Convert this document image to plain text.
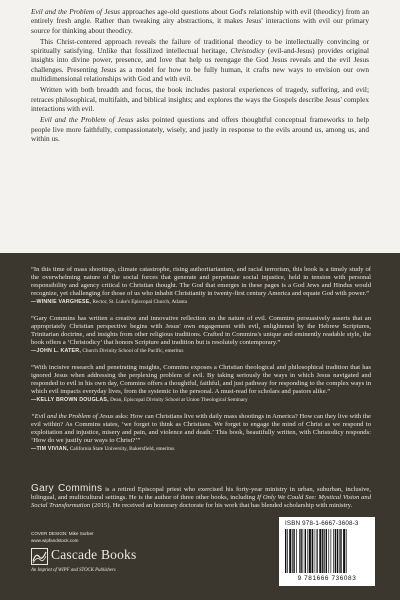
Evil and the Problem of Jesus approaches age-old questions about God's relationship with evil (theodicy) from an entirely fresh angle. Rather than tweaking airy abstractions, it makes Jesus' interactions with evil our primary source for thinking about theodicy.

This Christ-centered approach reveals the failure of traditional theodicy to be intellectually convincing or spiritually satisfying. Unlike that fossilized intellectual heritage, Christodicy (evil-and-Jesus) provides original insights into divine power, presence, and love that help us reengage the God Jesus reveals and the evil Jesus challenges. Presenting Jesus as a model for how to be fully human, it crafts new ways to envision our own multidimensional relationships with God and with evil.

Written with both breadth and focus, the book includes pastoral experiences of tragedy, suffering, and evil; retraces philosophical, multifaith, and biblical insights; and explores the ways the Gospels describe Jesus' complex interactions with evil.

Evil and the Problem of Jesus asks pointed questions and offers thoughtful conceptual frameworks to help people live more faithfully, compassionately, wisely, and justly in response to the evils around us, among us, and within us.

“In this time of mass shootings, climate catastrophe, rising authoritarianism, and racial terrorism, this book is a timely study of the overwhelming nature of the social forces that generate and perpetuate social injustice, held in tension with personal responsibility and agency critical to Christian thought. The God that emerges in these pages is a God Jews and Hindus would recognize, yet challenging for those of us who inhabit Christianity in twenty-first century America and equate God with power.”

—WINNIE VARGHESE, Rector, St. Luke's Episcopal Church, Atlanta

“Gary Commins has written a creative and innovative reflection on the nature of evil. Commins persuasively asserts that an appropriately Christian perspective begins with Jesus' own engagement with evil, enlightened by the Hebrew Scriptures, Trinitarian doctrine, and insights from other religious traditions. Crafted in Commins's unique and eminently readable style, the book offers a ‘Christodicy’ that honors Scripture and tradition but is resolutely contemporary.”

—JOHN L. KATER, Church Divinity School of the Pacific, emeritus

“With incisive research and penetrating insights, Commins exposes a Christian theological and philosophical tradition that has ignored Jesus when addressing the perplexing problem of evil. By taking seriously the ways in which Jesus navigated and responded to evil in his own day, Commins offers a thoughtful, faithful, and just pathway for responding to the complex ways in which evil impacts everyday lives, from the systemic to the personal. A must-read for scholars and pastors alike.”

—KELLY BROWN DOUGLAS, Dean, Episcopal Divinity School at Union Theological Seminary

“Evil and the Problem of Jesus asks: How can Christians live with daily mass shootings in America? How can they live with the evil within? As Commins states, ‘we forget to think as Christians. We forget to engage the mind of Christ as we respond to exploitation and injustice, misery and pain, and violence and death.’ This book, beautifully written, with Christodicy responds: ‘How do we justify our ways to Christ?’”

—TIM VIVIAN, California State University, Bakersfield, emeritus

Gary Commins is a retired Episcopal priest who exercised his forty-year ministry in urban, suburban, inclusive, bilingual, and multicultural settings. He is the author of three other books, including If Only We Could See: Mystical Vision and Social Transformation (2015). He received an honorary doctorate for his work that has blended scholarship with ministry.
COVER DESIGN: Mike Surber
www.wipfandstock.com
Cascade Books
An Imprint of WIPF and STOCK Publishers
ISBN 978-1-6667-3608-3
9 781666 736083
